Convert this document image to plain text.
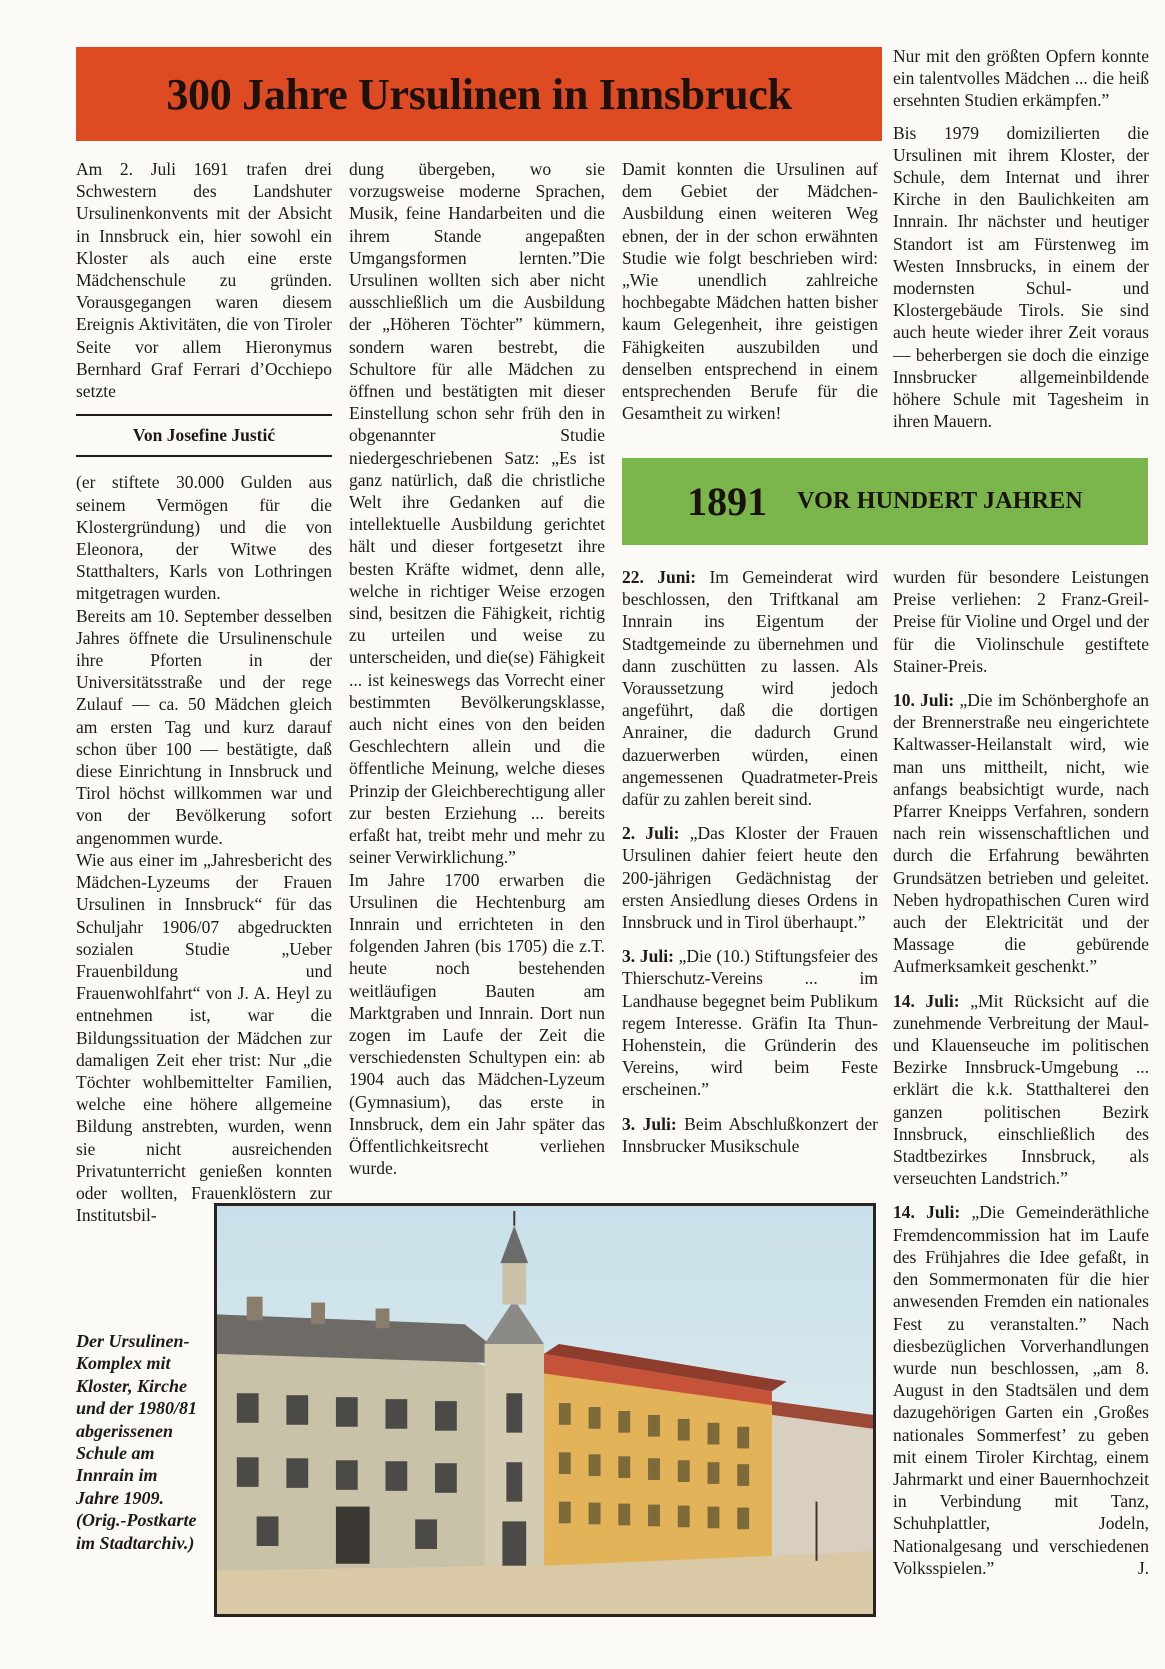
300 Jahre Ursulinen in Innsbruck

Am 2. Juli 1691 trafen drei Schwestern des Landshuter Ursulinenkonvents mit der Absicht in Innsbruck ein, hier sowohl ein Kloster als auch eine erste Mädchenschule zu gründen. Vorausgegangen waren diesem Ereignis Aktivitäten, die von Tiroler Seite vor allem Hieronymus Bernhard Graf Ferrari d’Occhiepo setzte

Von Josefine Justić

(er stiftete 30.000 Gulden aus seinem Vermögen für die Klostergründung) und die von Eleonora, der Witwe des Statthalters, Karls von Lothringen mitgetragen wurden.

Bereits am 10. September desselben Jahres öffnete die Ursulinenschule ihre Pforten in der Universitätsstraße und der rege Zulauf — ca. 50 Mädchen gleich am ersten Tag und kurz darauf schon über 100 — bestätigte, daß diese Einrichtung in Innsbruck und Tirol höchst willkommen war und von der Bevölkerung sofort angenommen wurde.

Wie aus einer im „Jahresbericht des Mädchen-Lyzeums der Frauen Ursulinen in Innsbruck“ für das Schuljahr 1906/07 abgedruckten sozialen Studie „Ueber Frauenbildung und Frauenwohlfahrt“ von J. A. Heyl zu entnehmen ist, war die Bildungssituation der Mädchen zur damaligen Zeit eher trist: Nur „die Töchter wohlbemittelter Familien, welche eine höhere allgemeine Bildung anstrebten, wurden, wenn sie nicht ausreichenden Privatunterricht genießen konnten oder wollten, Frauenklöstern zur Institutsbil-

dung übergeben, wo sie vorzugsweise moderne Sprachen, Musik, feine Handarbeiten und die ihrem Stande angepaßten Umgangsformen lernten.”Die Ursulinen wollten sich aber nicht ausschließlich um die Ausbildung der „Höheren Töchter” kümmern, sondern waren bestrebt, die Schultore für alle Mädchen zu öffnen und bestätigten mit dieser Einstellung schon sehr früh den in obgenannter Studie niedergeschriebenen Satz: „Es ist ganz natürlich, daß die christliche Welt ihre Gedanken auf die intellektuelle Ausbildung gerichtet hält und dieser fortgesetzt ihre besten Kräfte widmet, denn alle, welche in richtiger Weise erzogen sind, besitzen die Fähigkeit, richtig zu urteilen und weise zu unterscheiden, und die(se) Fähigkeit ... ist keineswegs das Vorrecht einer bestimmten Bevölkerungsklasse, auch nicht eines von den beiden Geschlechtern allein und die öffentliche Meinung, welche dieses Prinzip der Gleichberechtigung aller zur besten Erziehung ... bereits erfaßt hat, treibt mehr und mehr zu seiner Verwirklichung.”

Im Jahre 1700 erwarben die Ursulinen die Hechtenburg am Innrain und errichteten in den folgenden Jahren (bis 1705) die z.T. heute noch bestehenden weitläufigen Bauten am Marktgraben und Innrain. Dort nun zogen im Laufe der Zeit die verschiedensten Schultypen ein: ab 1904 auch das Mädchen-Lyzeum (Gymnasium), das erste in Innsbruck, dem ein Jahr später das Öffentlichkeitsrecht verliehen wurde.

Damit konnten die Ursulinen auf dem Gebiet der Mädchen-Ausbildung einen weiteren Weg ebnen, der in der schon erwähnten Studie wie folgt beschrieben wird: „Wie unendlich zahlreiche hochbegabte Mädchen hatten bisher kaum Gelegenheit, ihre geistigen Fähigkeiten auszubilden und denselben entsprechend in einem entsprechenden Berufe für die Gesamtheit zu wirken!

Nur mit den größten Opfern konnte ein talentvolles Mädchen ... die heiß ersehnten Studien erkämpfen.”

Bis 1979 domizilierten die Ursulinen mit ihrem Kloster, der Schule, dem Internat und ihrer Kirche in den Baulichkeiten am Innrain. Ihr nächster und heutiger Standort ist am Fürstenweg im Westen Innsbrucks, in einem der modernsten Schul- und Klostergebäude Tirols. Sie sind auch heute wieder ihrer Zeit voraus — beherbergen sie doch die einzige Innsbrucker allgemeinbildende höhere Schule mit Tagesheim in ihren Mauern.

1891 VOR HUNDERT JAHREN

22. Juni: Im Gemeinderat wird beschlossen, den Triftkanal am Innrain ins Eigentum der Stadtgemeinde zu übernehmen und dann zuschütten zu lassen. Als Voraussetzung wird jedoch angeführt, daß die dortigen Anrainer, die dadurch Grund dazuerwerben würden, einen angemessenen Quadratmeter-Preis dafür zu zahlen bereit sind.

2. Juli: „Das Kloster der Frauen Ursulinen dahier feiert heute den 200-jährigen Gedächnistag der ersten Ansiedlung dieses Ordens in Innsbruck und in Tirol überhaupt.”

3. Juli: „Die (10.) Stiftungsfeier des Thierschutz-Vereins ... im Landhause begegnet beim Publikum regem Interesse. Gräfin Ita Thun-Hohenstein, die Gründerin des Vereins, wird beim Feste erscheinen.”

3. Juli: Beim Abschlußkonzert der Innsbrucker Musikschule

wurden für besondere Leistungen Preise verliehen: 2 Franz-Greil-Preise für Violine und Orgel und der für die Violinschule gestiftete Stainer-Preis.

10. Juli: „Die im Schönberghofe an der Brennerstraße neu eingerichtete Kaltwasser-Heilanstalt wird, wie man uns mittheilt, nicht, wie anfangs beabsichtigt wurde, nach Pfarrer Kneipps Verfahren, sondern nach rein wissenschaftlichen und durch die Erfahrung bewährten Grundsätzen betrieben und geleitet. Neben hydropathischen Curen wird auch der Elektricität und der Massage die gebürende Aufmerksamkeit geschenkt.”

14. Juli: „Mit Rücksicht auf die zunehmende Verbreitung der Maul- und Klauenseuche im politischen Bezirke Innsbruck-Umgebung ... erklärt die k.k. Statthalterei den ganzen politischen Bezirk Innsbruck, einschließlich des Stadtbezirkes Innsbruck, als verseuchten Landstrich.”

14. Juli: „Die Gemeinderäthliche Fremdencommission hat im Laufe des Frühjahres die Idee gefaßt, in den Sommermonaten für die hier anwesenden Fremden ein nationales Fest zu veranstalten.” Nach diesbezüglichen Vorverhandlungen wurde nun beschlossen, „am 8. August in den Stadtsälen und dem dazugehörigen Garten ein ‚Großes nationales Sommerfest’ zu geben mit einem Tiroler Kirchtag, einem Jahrmarkt und einer Bauernhochzeit in Verbindung mit Tanz, Schuhplattler, Jodeln, Nationalgesang und verschiedenen Volksspielen.”	J.

Der Ursulinen-Komplex mit Kloster, Kirche und der 1980/81 abgerissenen Schule am Innrain im Jahre 1909. (Orig.-Postkarte im Stadtarchiv.)
